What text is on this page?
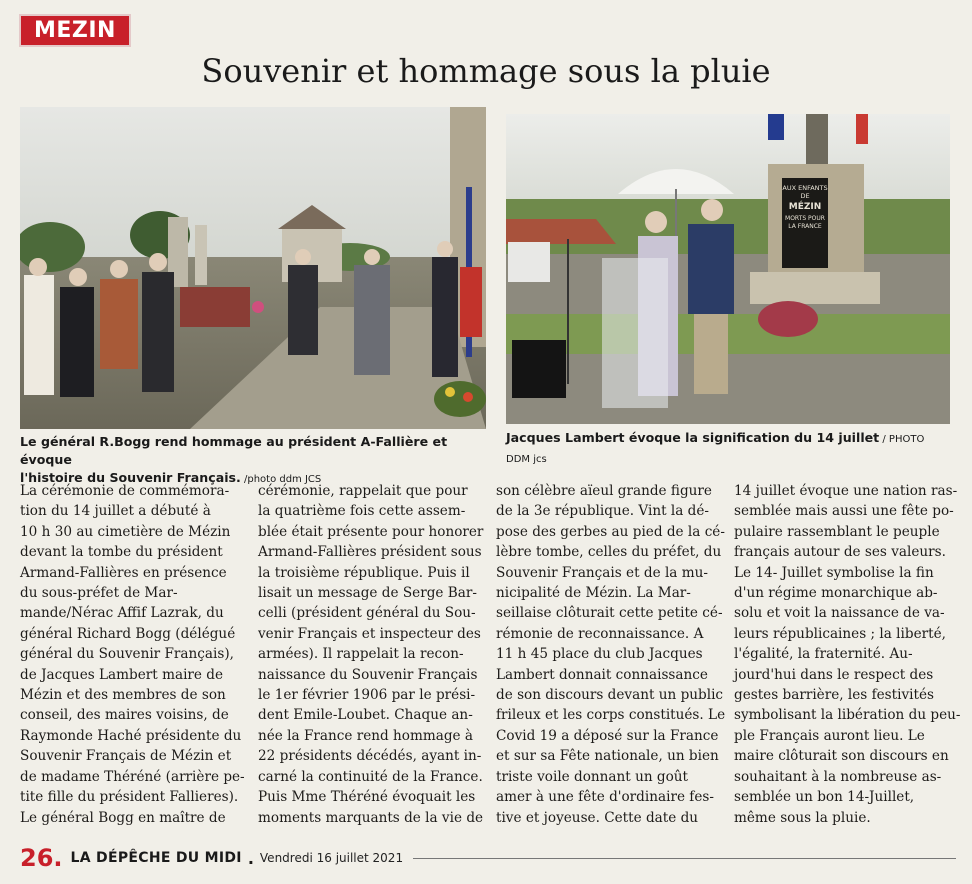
MEZIN
Souvenir et hommage sous la pluie
AUX ENFANTS
DE
MÉZIN
MORTS POUR
LA FRANCE
Le général R.Bogg rend hommage au président A-Fallière et évoque
l'histoire du Souvenir Français. /photo ddm JCS
Jacques Lambert évoque la signification du 14 juillet / PHOTO DDM jcs
La cérémonie de commémora-
tion du 14 juillet a débuté à
10 h 30 au cimetière de Mézin
devant la tombe du président
Armand-Fallières en présence
du sous-préfet de Mar-
mande/Nérac Affif Lazrak, du
général Richard Bogg (délégué
général du Souvenir Français),
de Jacques Lambert maire de
Mézin et des membres de son
conseil, des maires voisins, de
Raymonde Haché présidente du
Souvenir Français de Mézin et
de madame Théréné (arrière pe-
tite fille du président Fallieres).
Le général Bogg en maître de
cérémonie, rappelait que pour
la quatrième fois cette assem-
blée était présente pour honorer
Armand-Fallières président sous
la troisième république. Puis il
lisait un message de Serge Bar-
celli (président général du Sou-
venir Français et inspecteur des
armées). Il rappelait la recon-
naissance du Souvenir Français
le 1er février 1906 par le prési-
dent Emile-Loubet. Chaque an-
née la France rend hommage à
22 présidents décédés, ayant in-
carné la continuité de la France.
Puis Mme Théréné évoquait les
moments marquants de la vie de
son célèbre aïeul grande figure
de la 3e république. Vint la dé-
pose des gerbes au pied de la cé-
lèbre tombe, celles du préfet, du
Souvenir Français et de la mu-
nicipalité de Mézin. La Mar-
seillaise clôturait cette petite cé-
rémonie de reconnaissance. A
11 h 45 place du club Jacques
Lambert donnait connaissance
de son discours devant un public
frileux et les corps constitués. Le
Covid 19 a déposé sur la France
et sur sa Fête nationale, un bien
triste voile donnant un goût
amer à une fête d'ordinaire fes-
tive et joyeuse. Cette date du
14 juillet évoque une nation ras-
semblée mais aussi une fête po-
pulaire rassemblant le peuple
français autour de ses valeurs.
Le 14- Juillet symbolise la fin
d'un régime monarchique ab-
solu et voit la naissance de va-
leurs républicaines ; la liberté,
l'égalité, la fraternité. Au-
jourd'hui dans le respect des
gestes barrière, les festivités
symbolisant la libération du peu-
ple Français auront lieu. Le
maire clôturait son discours en
souhaitant à la nombreuse as-
semblée un bon 14-Juillet,
même sous la pluie.
26. LA DÉPÊCHE DU MIDI . Vendredi 16 juillet 2021
